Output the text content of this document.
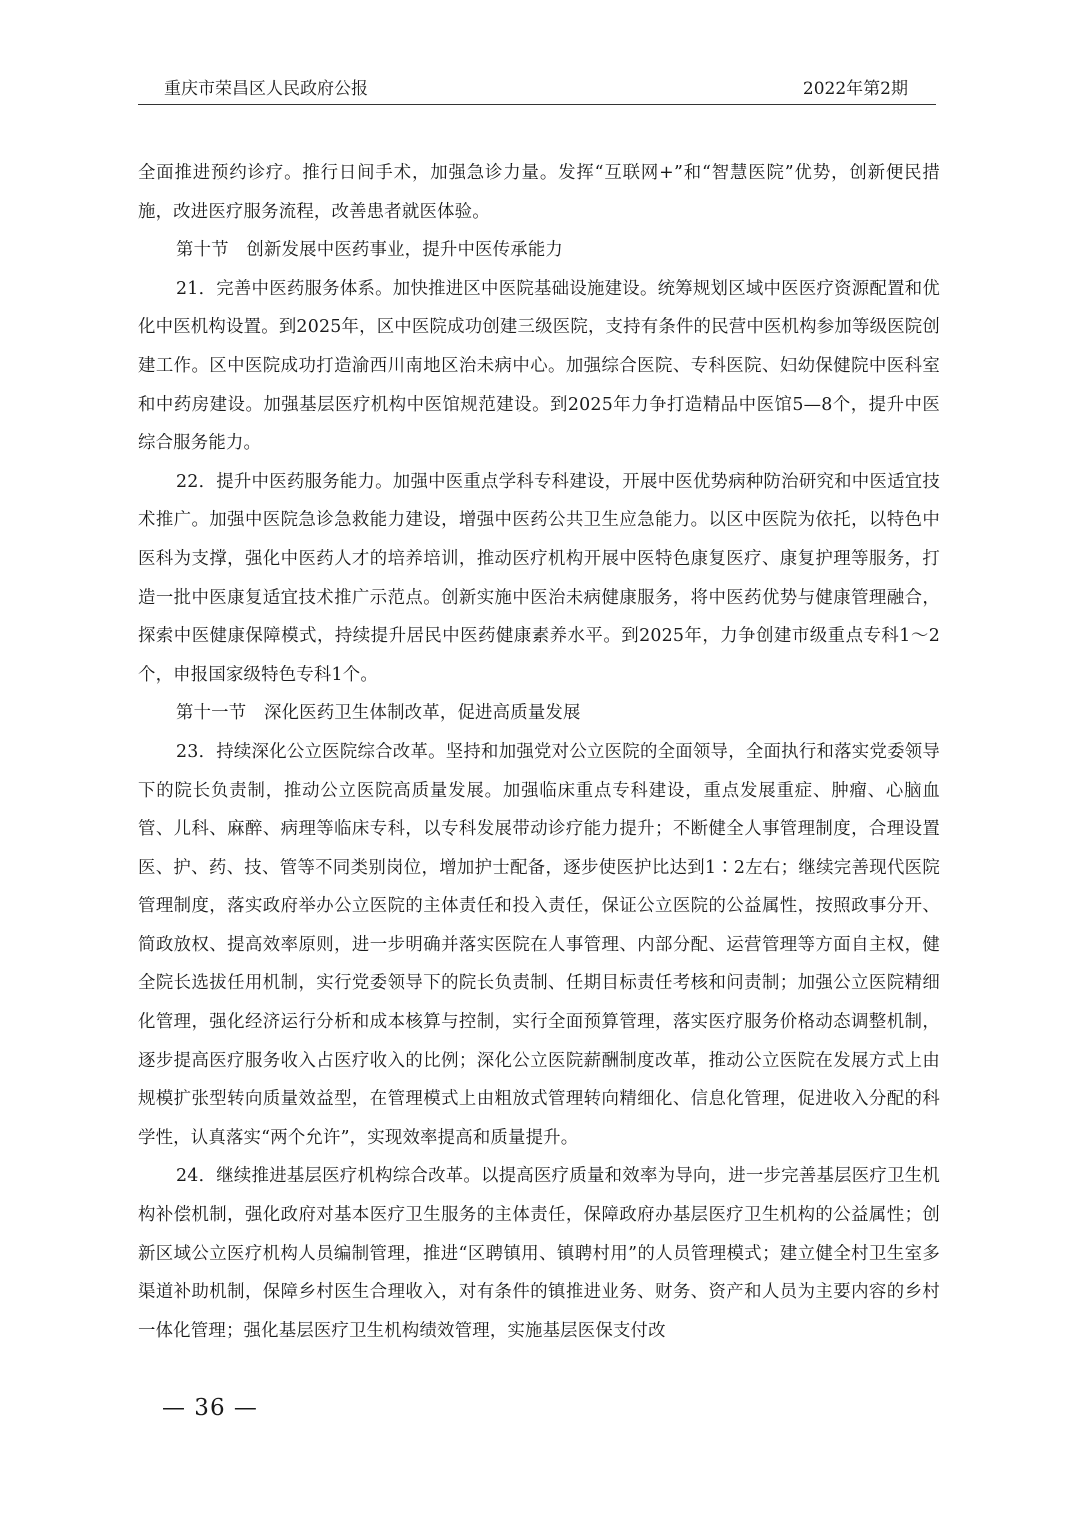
重庆市荣昌区人民政府公报	2022年第2期

全面推进预约诊疗。推行日间手术，加强急诊力量。发挥“互联网+”和“智慧医院”优势，创新便民措施，改进医疗服务流程，改善患者就医体验。

第十节　创新发展中医药事业，提升中医传承能力

21．完善中医药服务体系。加快推进区中医院基础设施建设。统筹规划区域中医医疗资源配置和优化中医机构设置。到2025年，区中医院成功创建三级医院，支持有条件的民营中医机构参加等级医院创建工作。区中医院成功打造渝西川南地区治未病中心。加强综合医院、专科医院、妇幼保健院中医科室和中药房建设。加强基层医疗机构中医馆规范建设。到2025年力争打造精品中医馆5—8个，提升中医综合服务能力。

22．提升中医药服务能力。加强中医重点学科专科建设，开展中医优势病种防治研究和中医适宜技术推广。加强中医院急诊急救能力建设，增强中医药公共卫生应急能力。以区中医院为依托，以特色中医科为支撑，强化中医药人才的培养培训，推动医疗机构开展中医特色康复医疗、康复护理等服务，打造一批中医康复适宜技术推广示范点。创新实施中医治未病健康服务，将中医药优势与健康管理融合，探索中医健康保障模式，持续提升居民中医药健康素养水平。到2025年，力争创建市级重点专科1～2个，申报国家级特色专科1个。

第十一节　深化医药卫生体制改革，促进高质量发展

23．持续深化公立医院综合改革。坚持和加强党对公立医院的全面领导，全面执行和落实党委领导下的院长负责制，推动公立医院高质量发展。加强临床重点专科建设，重点发展重症、肿瘤、心脑血管、儿科、麻醉、病理等临床专科，以专科发展带动诊疗能力提升；不断健全人事管理制度，合理设置医、护、药、技、管等不同类别岗位，增加护士配备，逐步使医护比达到1∶2左右；继续完善现代医院管理制度，落实政府举办公立医院的主体责任和投入责任，保证公立医院的公益属性，按照政事分开、简政放权、提高效率原则，进一步明确并落实医院在人事管理、内部分配、运营管理等方面自主权，健全院长选拔任用机制，实行党委领导下的院长负责制、任期目标责任考核和问责制；加强公立医院精细化管理，强化经济运行分析和成本核算与控制，实行全面预算管理，落实医疗服务价格动态调整机制，逐步提高医疗服务收入占医疗收入的比例；深化公立医院薪酬制度改革，推动公立医院在发展方式上由规模扩张型转向质量效益型，在管理模式上由粗放式管理转向精细化、信息化管理，促进收入分配的科学性，认真落实“两个允许”，实现效率提高和质量提升。

24．继续推进基层医疗机构综合改革。以提高医疗质量和效率为导向，进一步完善基层医疗卫生机构补偿机制，强化政府对基本医疗卫生服务的主体责任，保障政府办基层医疗卫生机构的公益属性；创新区域公立医疗机构人员编制管理，推进“区聘镇用、镇聘村用”的人员管理模式；建立健全村卫生室多渠道补助机制，保障乡村医生合理收入，对有条件的镇推进业务、财务、资产和人员为主要内容的乡村一体化管理；强化基层医疗卫生机构绩效管理，实施基层医保支付改

— 36 —
